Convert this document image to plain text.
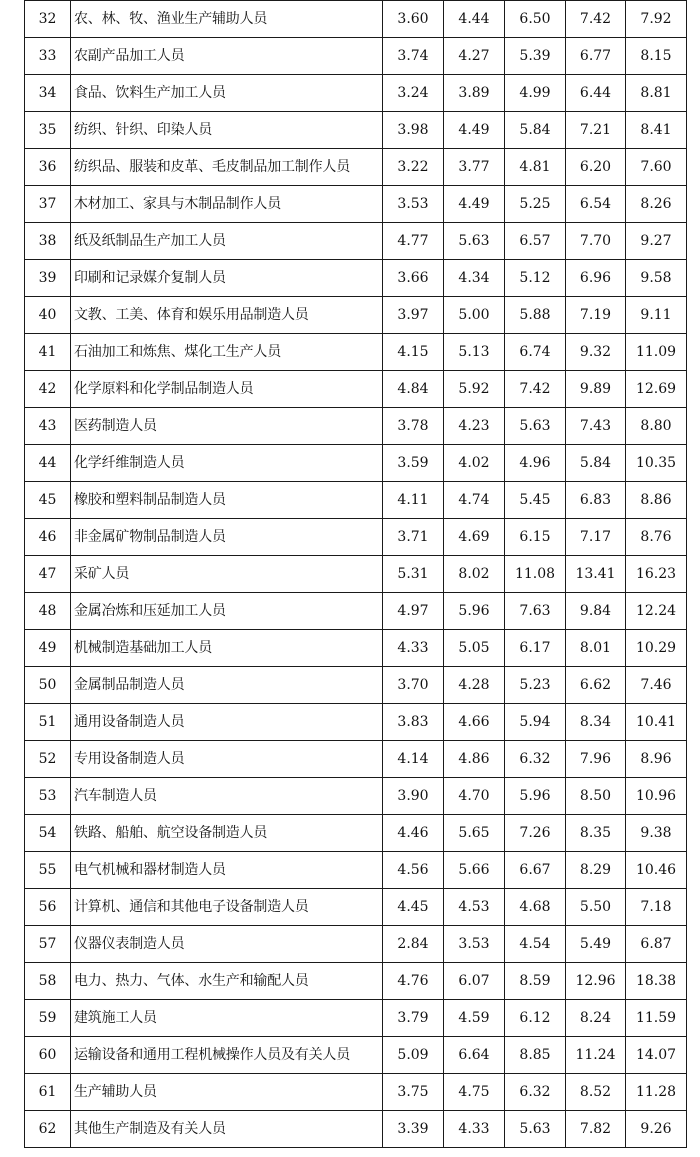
32	农、林、牧、渔业生产辅助人员	3.60	4.44	6.50	7.42	7.92
33	农副产品加工人员	3.74	4.27	5.39	6.77	8.15
34	食品、饮料生产加工人员	3.24	3.89	4.99	6.44	8.81
35	纺织、针织、印染人员	3.98	4.49	5.84	7.21	8.41
36	纺织品、服装和皮革、毛皮制品加工制作人员	3.22	3.77	4.81	6.20	7.60
37	木材加工、家具与木制品制作人员	3.53	4.49	5.25	6.54	8.26
38	纸及纸制品生产加工人员	4.77	5.63	6.57	7.70	9.27
39	印刷和记录媒介复制人员	3.66	4.34	5.12	6.96	9.58
40	文教、工美、体育和娱乐用品制造人员	3.97	5.00	5.88	7.19	9.11
41	石油加工和炼焦、煤化工生产人员	4.15	5.13	6.74	9.32	11.09
42	化学原料和化学制品制造人员	4.84	5.92	7.42	9.89	12.69
43	医药制造人员	3.78	4.23	5.63	7.43	8.80
44	化学纤维制造人员	3.59	4.02	4.96	5.84	10.35
45	橡胶和塑料制品制造人员	4.11	4.74	5.45	6.83	8.86
46	非金属矿物制品制造人员	3.71	4.69	6.15	7.17	8.76
47	采矿人员	5.31	8.02	11.08	13.41	16.23
48	金属冶炼和压延加工人员	4.97	5.96	7.63	9.84	12.24
49	机械制造基础加工人员	4.33	5.05	6.17	8.01	10.29
50	金属制品制造人员	3.70	4.28	5.23	6.62	7.46
51	通用设备制造人员	3.83	4.66	5.94	8.34	10.41
52	专用设备制造人员	4.14	4.86	6.32	7.96	8.96
53	汽车制造人员	3.90	4.70	5.96	8.50	10.96
54	铁路、船舶、航空设备制造人员	4.46	5.65	7.26	8.35	9.38
55	电气机械和器材制造人员	4.56	5.66	6.67	8.29	10.46
56	计算机、通信和其他电子设备制造人员	4.45	4.53	4.68	5.50	7.18
57	仪器仪表制造人员	2.84	3.53	4.54	5.49	6.87
58	电力、热力、气体、水生产和输配人员	4.76	6.07	8.59	12.96	18.38
59	建筑施工人员	3.79	4.59	6.12	8.24	11.59
60	运输设备和通用工程机械操作人员及有关人员	5.09	6.64	8.85	11.24	14.07
61	生产辅助人员	3.75	4.75	6.32	8.52	11.28
62	其他生产制造及有关人员	3.39	4.33	5.63	7.82	9.26
